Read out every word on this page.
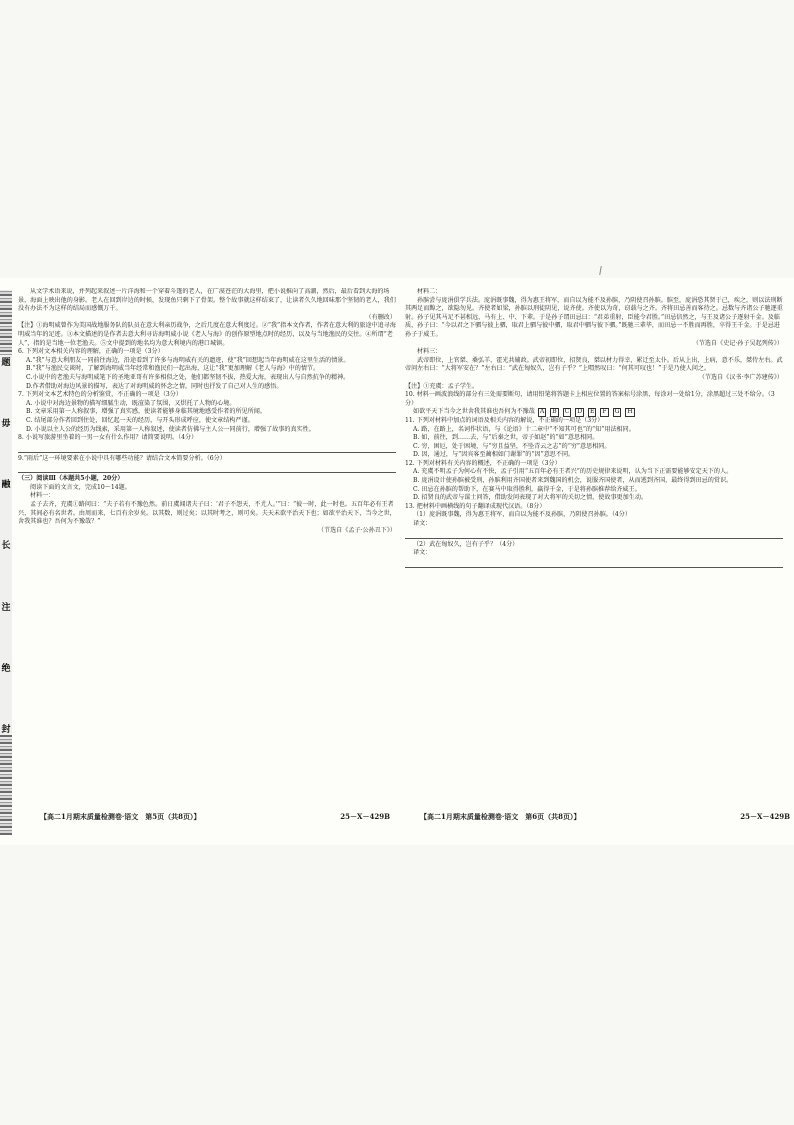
题
毋
融
长
注
绝
封

从文学术语来说，并列起来叙述一片洋海和一个穿着斗篷的老人，在广漠苍茫的大海里，把小说推向了高潮，然后，最后看到大海的场景，海面上映出他的身影。老人在回到岸边的时候，发现鱼只剩下了骨架。整个故事就这样结束了，让读者久久地回味那个坚韧的老人，我们没有办法不为这样的结局而感慨万千。

（有删改）

【注】①海明威曾作为美国战地服务队的队员在意大利亲历战争，之后几度在意大利度过。②“我”指本文作者，作者在意大利的旅途中追寻海明威当年的足迹。③本文描述的是作者去意大利寻访海明威小说《老人与海》的创作原型地点时的经历，以及与当地渔民的交往。④所谓“老人”，指的是当地一位老渔夫。⑤文中提到的地名均为意大利境内的港口城镇。

6. 下列对文本相关内容的理解，正确的一项是（3分）

A.“我”与意大利朋友一同前往海边，沿途看到了许多与海明威有关的遗迹，使“我”回想起当年海明威在这里生活的情景。

B.“我”与渔民交谈时，了解到海明威当年经常和渔民们一起出海，这让“我”更加理解《老人与海》中的情节。

C.小说中的老渔夫与海明威笔下的圣地亚哥有许多相似之处，他们都坚韧不拔，热爱大海，表现出人与自然抗争的精神。

D.作者借助对海边风景的描写，表达了对海明威的怀念之情，同时也抒发了自己对人生的感悟。

7. 下列对文本艺术特色的分析鉴赏，不正确的一项是（3分）

A. 小说中对海边景物的描写细腻生动，既渲染了氛围，又烘托了人物的心境。

B. 文章采用第一人称叙事，增强了真实感，使读者能够身临其境地感受作者的所见所闻。

C. 结尾部分作者回到住处，回忆起一天的经历，与开头形成呼应，使文章结构严谨。

D. 小说以主人公的经历为线索，采用第一人称叙述，使读者仿佛与主人公一同前行，增强了故事的真实性。

8. 小说写旅游里坐着的一男一女有什么作用？请简要说明。（4分）

9.“雨后”这一环境要素在小说中具有哪些功能？请结合文本简要分析。（6分）

（三）阅读Ⅲ（本题共5小题，20分）

阅读下面的文言文，完成10～14题。

材料一：

孟子去齐，充虞①路问曰：“夫子若有不豫色然。前日虞闻诸夫子曰：‘君子不怨天，不尤人。’”曰：“彼一时，此一时也。五百年必有王者兴，其间必有名世者。由周而来，七百有余岁矣。以其数，则过矣；以其时考之，则可矣。夫天未欲平治天下也；如欲平治天下，当今之世，舍我其谁也？吾何为不豫哉？”

（节选自《孟子·公孙丑下》）

材料二：

孙膑尝与庞涓俱学兵法。庞涓既事魏，得为惠王将军，而自以为能不及孙膑，乃阴使召孙膑。膑至，庞涓恐其贤于己，疾之，则以法刑断其两足而黥之，欲隐勿见。齐使者如梁，孙膑以刑徒阴见，说齐使。齐使以为奇，窃载与之齐。齐将田忌善而客待之。忌数与齐诸公子驰逐重射。孙子见其马足不甚相远，马有上、中、下辈。于是孙子谓田忌曰：“君弟重射，臣能令君胜。”田忌信然之，与王及诸公子逐射千金。及临质，孙子曰：“今以君之下驷与彼上驷，取君上驷与彼中驷，取君中驷与彼下驷。”既驰三辈毕，而田忌一不胜而再胜，卒得王千金。于是忌进孙子于威王。

（节选自《史记·孙子吴起列传》）

材料三：

武帝即位，上官桀、桑弘羊、霍光共辅政。武帝初即位，招贤良，桀以材力得幸，累迁至太仆。后从上出，上病，意不乐，桀侍左右。武帝问左右曰：“大将军安在？”左右曰：“武在匈奴久，岂有子乎？”上喟然叹曰：“何其可叹也！”于是乃使人问之。

（节选自《汉书·李广苏建传》）

【注】①充虞：孟子学生。

10. 材料一画波浪线的部分有三处需要断句，请用铅笔将答题卡上相应位置的答案标号涂黑，每涂对一处给1分，涂黑超过三处不给分。（3分）

如欲平天下当今之世舍我其谁也吾何为不豫哉 A B C D E F G H

11. 下列对材料中加点的词语及相关内容的解说，不正确的一项是（3分）

A. 路，在路上，名词作状语，与《论语》十二章中“不知其可也”的“知”用法相同。

B. 如，前往，到……去，与“后秦之世，帝子如赵”的“如”意思相同。

C. 穷，困厄，处于困境，与“穷且益坚，不坠青云之志”的“穷”意思相同。

D. 因，通过，与“因宾客至蔺相如门谢罪”的“因”意思不同。

12. 下列对材料有关内容的概述，不正确的一项是（3分）

A. 充虞不明孟子为何心有不快，孟子引用“五百年必有王者兴”的历史规律来说明，认为当下正需要能够安定天下的人。

B. 庞涓设计使孙膑被受刑，孙膑利用齐国使者来到魏国的机会，说服齐国使者，从而逃到齐国，最终得到田忌的赏识。

C. 田忌在孙膑的帮助下，在赛马中取得胜利，赢得千金，于是将孙膑推荐给齐威王。

D. 招贤良的武帝与谋士问答，借助发问表现了对大将军的关切之情，使故事更加生动。

13. 把材料中画横线的句子翻译成现代汉语。（8分）

（1）庞涓既事魏，得为惠王将军，而自以为能不及孙膑，乃阴使召孙膑。（4分）

译文：

（2）武在匈奴久，岂有子乎？（4分）

译文：

【高二1月期末质量检测卷·语文　第5页（共8页）】	25－X－429B	【高二1月期末质量检测卷·语文　第6页（共8页）】	25－X－429B
